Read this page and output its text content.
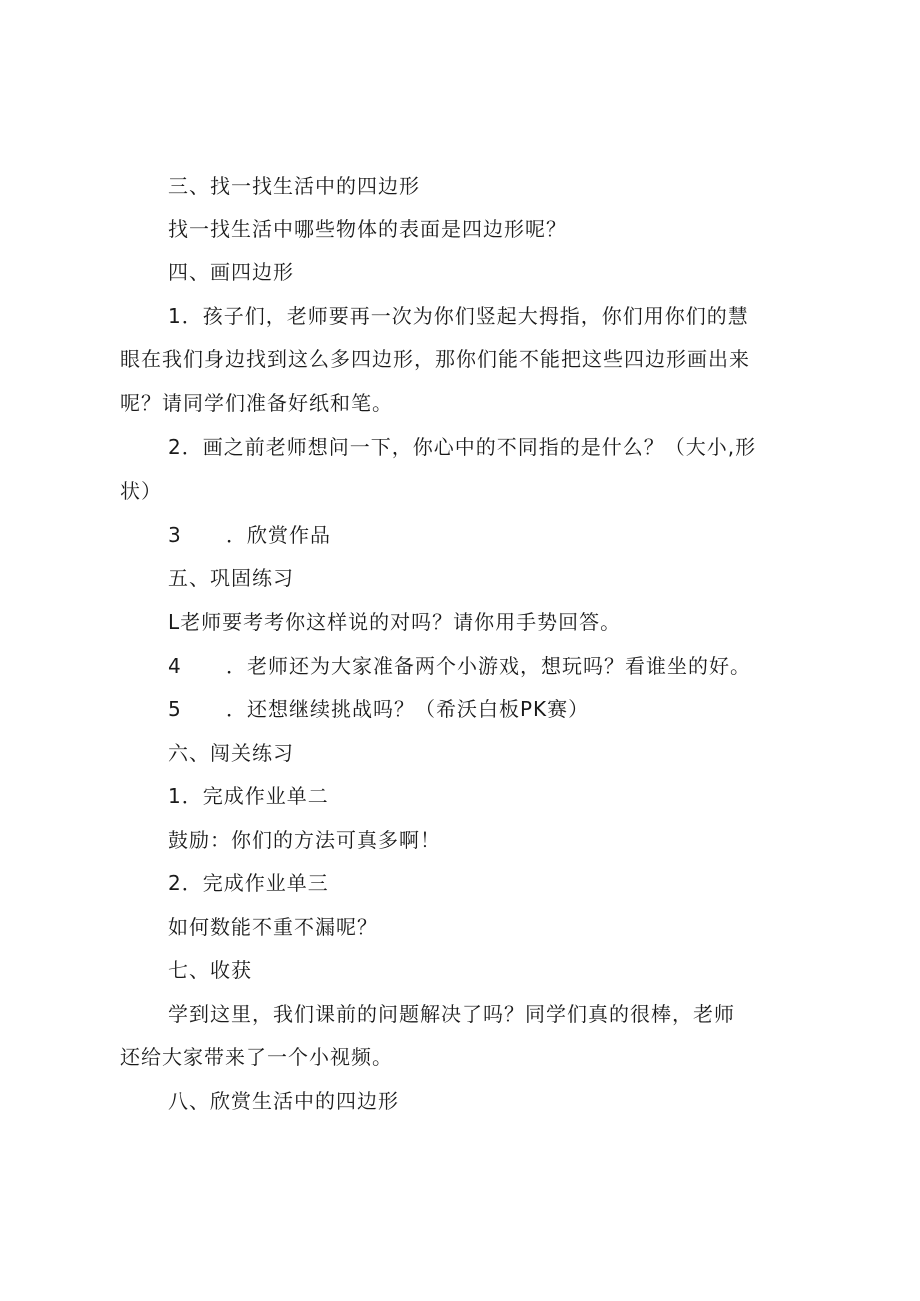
三、找一找生活中的四边形
找一找生活中哪些物体的表面是四边形呢？
四、画四边形
1．孩子们，老师要再一次为你们竖起大拇指，你们用你们的慧
眼在我们身边找到这么多四边形，那你们能不能把这些四边形画出来
呢？请同学们准备好纸和笔。
2．画之前老师想问一下，你心中的不同指的是什么？（大小,形
状）
3 ．欣赏作品
五、巩固练习
L老师要考考你这样说的对吗？请你用手势回答。
4 ．老师还为大家准备两个小游戏，想玩吗？看谁坐的好。
5 ．还想继续挑战吗？（希沃白板PK赛）
六、闯关练习
1．完成作业单二
鼓励：你们的方法可真多啊！
2．完成作业单三
如何数能不重不漏呢？
七、收获
学到这里，我们课前的问题解决了吗？同学们真的很棒，老师
还给大家带来了一个小视频。
八、欣赏生活中的四边形
